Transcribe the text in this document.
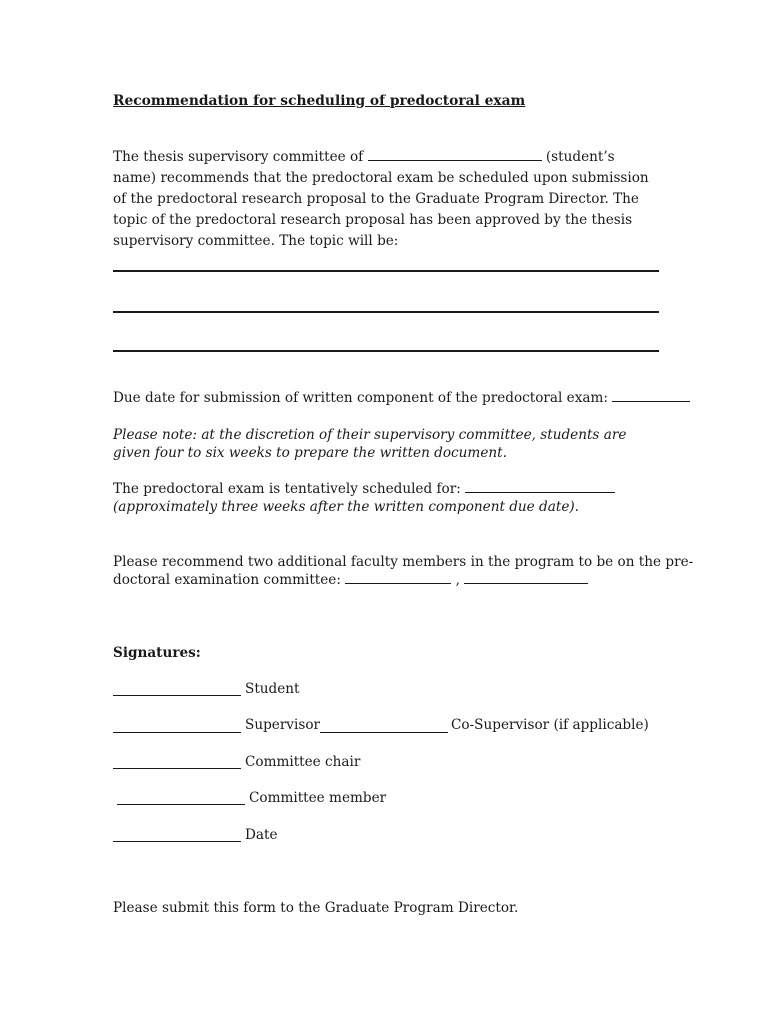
Recommendation for scheduling of predoctoral exam
The thesis supervisory committee of	(student’s name) recommends that the predoctoral exam be scheduled upon submission of the predoctoral research proposal to the Graduate Program Director. The topic of the predoctoral research proposal has been approved by the thesis supervisory committee. The topic will be:
Due date for submission of written component of the predoctoral exam:
Please note: at the discretion of their supervisory committee, students are given four to six weeks to prepare the written document.
The predoctoral exam is tentatively scheduled for:
(approximately three weeks after the written component due date).
Please recommend two additional faculty members in the program to be on the pre-
doctoral examination committee:	,
Signatures:
Student
Supervisor	Co-Supervisor (if applicable)
Committee chair
Committee member
Date
Please submit this form to the Graduate Program Director.
